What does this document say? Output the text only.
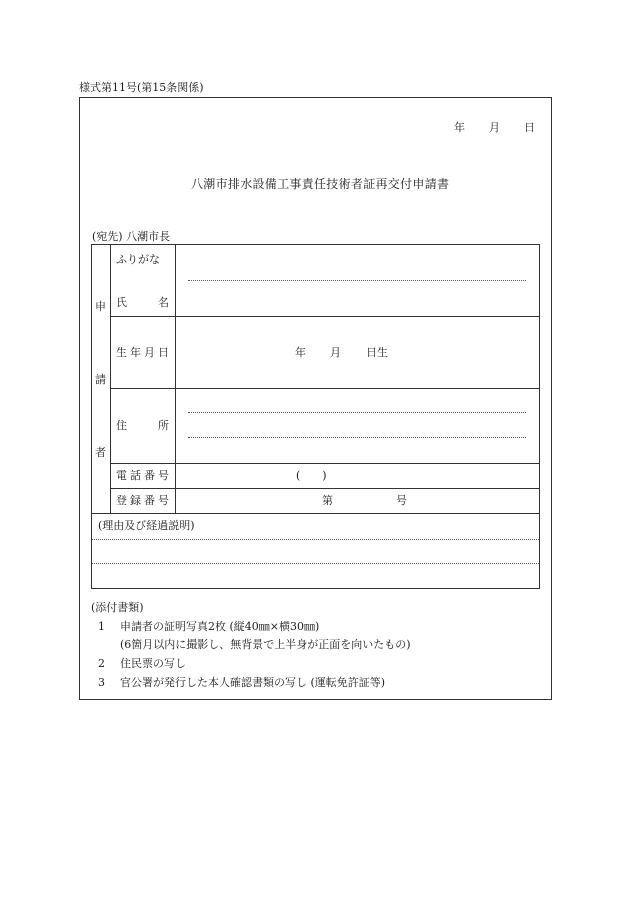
様式第11号(第15条関係)
年 月 日
八潮市排水設備工事責任技術者証再交付申請書
(宛先) 八潮市長
申
請
者
ふりがな
氏	名
生年月日	年 月 日生
住	所
電話番号	(　　)
登録番号	第	号
(理由及び経過説明)
(添付書類)
1 申請者の証明写真2枚 (縦40㎜×横30㎜)
(6箇月以内に撮影し、無背景で上半身が正面を向いたもの)
2 住民票の写し
3 官公署が発行した本人確認書類の写し (運転免許証等)
